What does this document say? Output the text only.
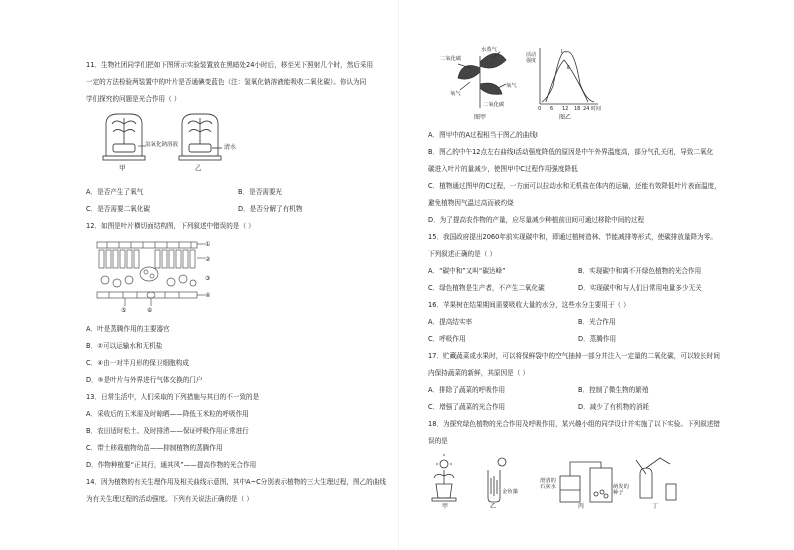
11．生物社团同学们把如下图所示实验装置放在黑暗处24小时后，移至光下照射几个时，然后采用
一定的方法检验两装置中的叶片是否通碘变蓝色（注：氢氧化钠溶液能吸收二氧化碳）。你认为同
学们探究的问题是光合作用（ ）
氢氧化钠溶液	清水
甲	乙
A．是否产生了氧气	B．是否需要光
C．是否需要二氧化碳	D．是否分解了有机物
12．如图是叶片横切面结构图，下列叙述中错误的是（ ）
①
②
③
④
⑤	⑥
A．叶是蒸腾作用的主要器官
B．②可以运输水和无机盐
C．④由一对半月形的保卫细胞构成
D．⑤是叶片与外界进行气体交换的门户
13．日常生活中，人们采取的下列措施与其目的不一致的是
A．采收后的玉米需及时晾晒——降低玉米粒的呼吸作用
B．农田适时松土、及时排涝——保证呼吸作用正常进行
C．带土移栽植物幼苗——抑制植物的蒸腾作用
D．作物种植要“正其行，通其风”——提高作物的光合作用
14．因为植物的有关生理作用及相关曲线示意图，其中A~C分别表示植物的三大生理过程，图乙的曲线
为有关生理过程的活动强度。下列有关说法正确的是（ ）
二氧化碳
水蒸气
氧气
二氧化碳
氧气
活动强度
Ⅰ
Ⅱ
0 6 12 18 24 时间
图甲	图乙
A．图甲中的A过程相当于图乙的曲线Ⅰ
B．图乙的中午12点左右曲线Ⅰ活动强度降低的原因是中午外界温度高，部分气孔关闭，导致二氧化
碳进入叶片的量减少，使图甲中C过程作用强度降低
C．植物通过图甲的C过程，一方面可以拉动水和无机盐在体内的运输，还能有效降低叶片表面温度，
避免植物因气温过高而被灼烧
D．为了提高农作物的产量，应尽量减少种植前田间可通过移除中间的过程
15．我国政府提出2060年前实现碳中和，即通过植树造林、节能减排等形式，使碳排放量降为零。
下列叙述正确的是（ ）
A．“碳中和”又叫“碳达峰”	B．实现碳中和离不开绿色植物的光合作用
C．绿色植物是生产者，不产生二氧化碳	D．实现碳中和与人们日常用电量多少无关
16．苹果树在结果期间需要吸收大量的水分，这些水分主要用于（ ）
A．提高结实率	B．光合作用
C．呼吸作用	D．蒸腾作用
17．贮藏蔬菜或水果时，可以将保鲜袋中的空气抽掉一部分并注入一定量的二氧化碳，可以较长时间
内保持蔬菜的新鲜，其原因是（ ）
A．排除了蔬菜的呼吸作用	B．控制了微生物的繁殖
C．增强了蔬菜的光合作用	D．减少了有机物的消耗
18．为探究绿色植物的光合作用及呼吸作用，某兴趣小组的同学设计并实施了以下实验。下列叙述错
误的是
金鱼藻
澄清的石灰水	萌发的种子
甲	乙	丙	丁
